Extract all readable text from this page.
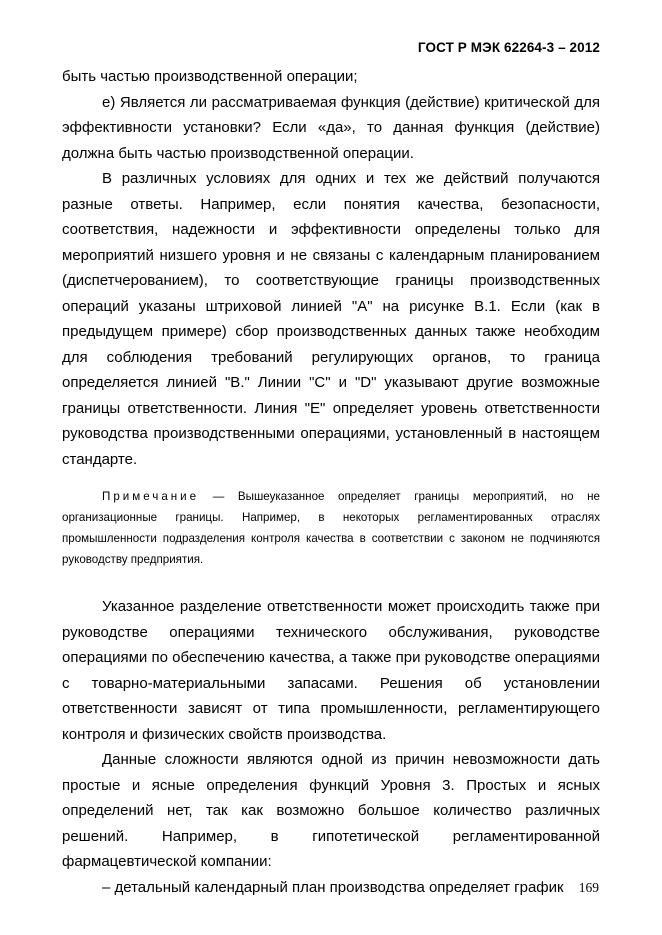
ГОСТ Р МЭК 62264-3 – 2012

быть частью производственной операции;

е) Является ли рассматриваемая функция (действие) критической для эффективности установки? Если «да», то данная функция (действие) должна быть частью производственной операции.

В различных условиях для одних и тех же действий получаются разные ответы. Например, если понятия качества, безопасности, соответствия, надежности и эффективности определены только для мероприятий низшего уровня и не связаны с календарным планированием (диспетчерованием), то соответствующие границы производственных операций указаны штриховой линией "А" на рисунке В.1. Если (как в предыдущем примере) сбор производственных данных также необходим для соблюдения требований регулирующих органов, то граница определяется линией "В." Линии "С" и "D" указывают другие возможные границы ответственности. Линия "Е" определяет уровень ответственности руководства производственными операциями, установленный в настоящем стандарте.

Примечание — Вышеуказанное определяет границы мероприятий, но не организационные границы. Например, в некоторых регламентированных отраслях промышленности подразделения контроля качества в соответствии с законом не подчиняются руководству предприятия.

Указанное разделение ответственности может происходить также при руководстве операциями технического обслуживания, руководстве операциями по обеспечению качества, а также при руководстве операциями с товарно-материальными запасами. Решения об установлении ответственности зависят от типа промышленности, регламентирующего контроля и физических свойств производства.

Данные сложности являются одной из причин невозможности дать простые и ясные определения функций Уровня 3. Простых и ясных определений нет, так как возможно большое количество различных решений. Например, в гипотетической регламентированной фармацевтической компании:

– детальный календарный план производства определяет график	169
